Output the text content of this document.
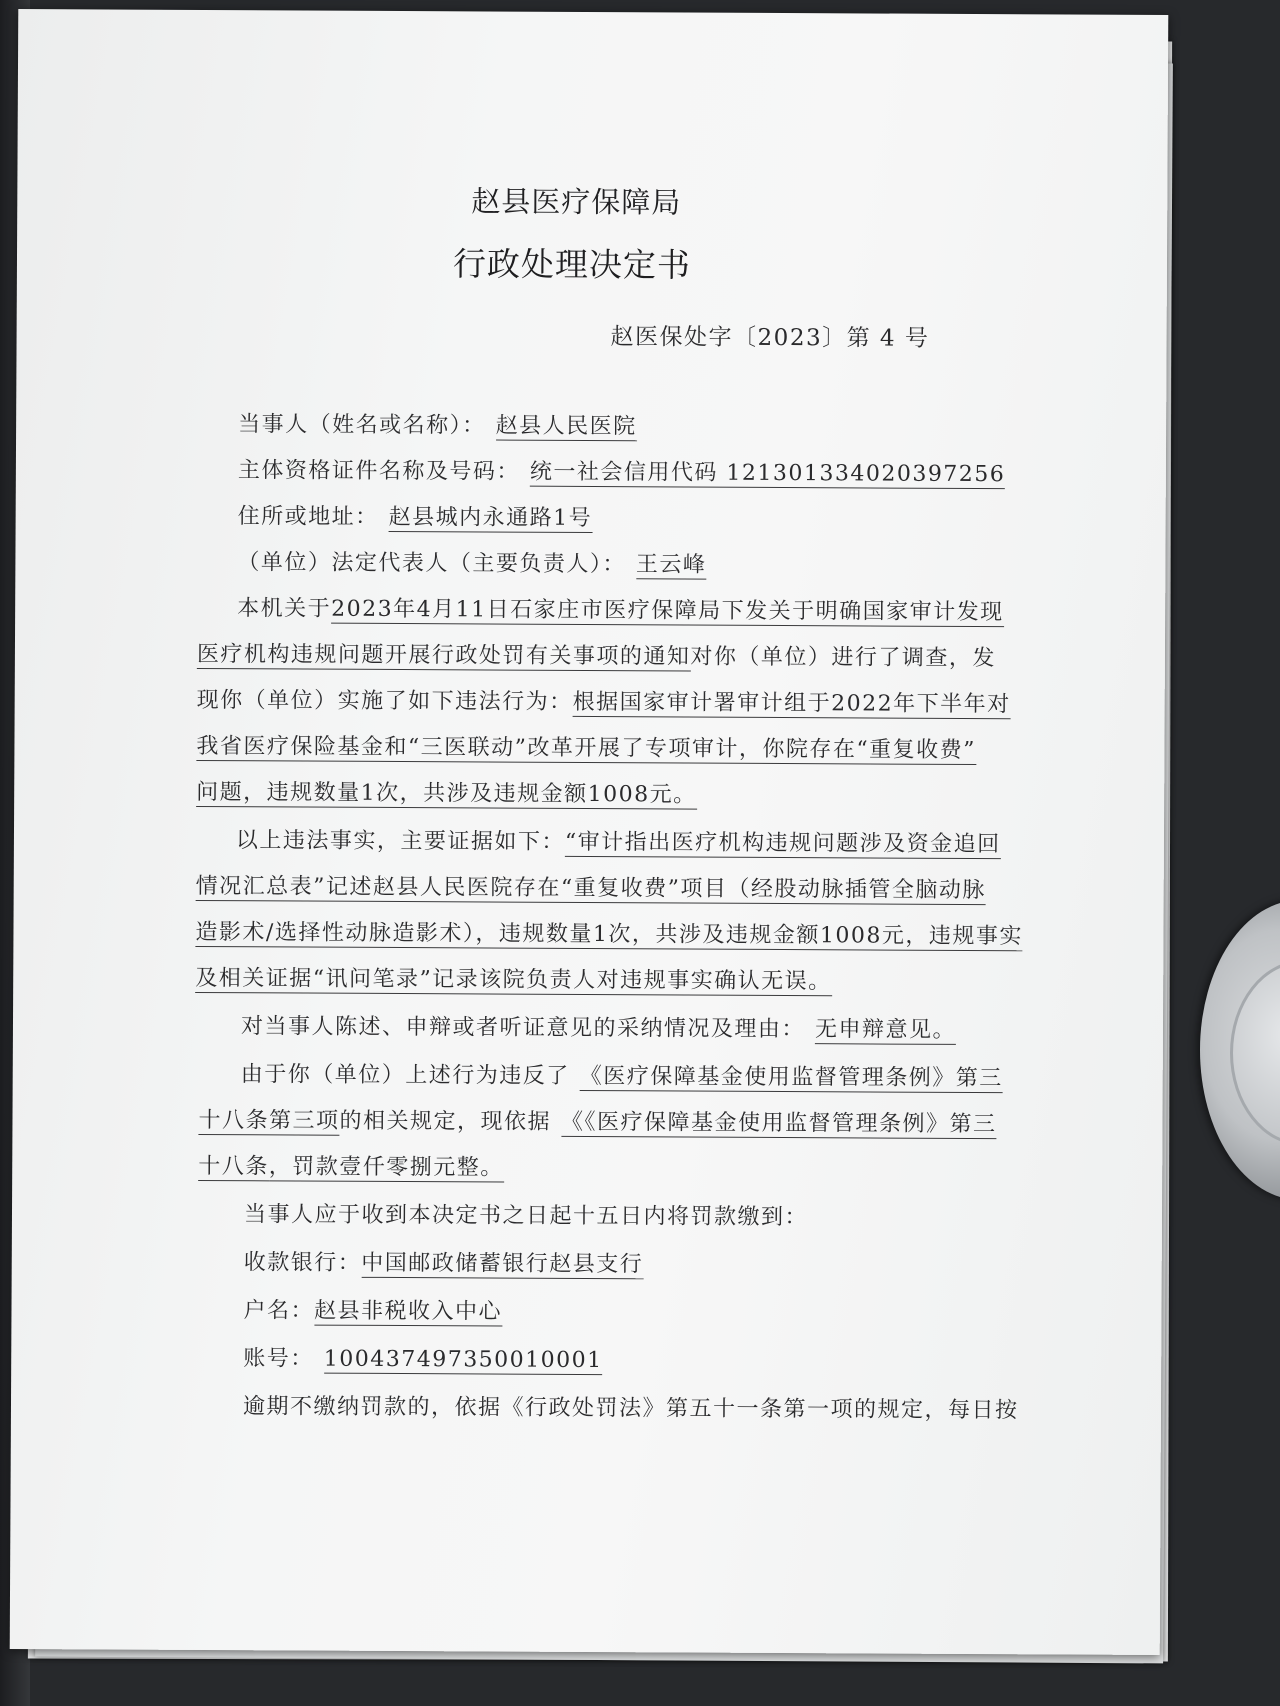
赵县医疗保障局
行政处理决定书
赵医保处字〔2023〕第 4 号
当事人（姓名或名称）： 赵县人民医院
主体资格证件名称及号码： 统一社会信用代码 121301334020397256
住所或地址： 赵县城内永通路1号
（单位）法定代表人（主要负责人）： 王云峰
本机关于2023年4月11日石家庄市医疗保障局下发关于明确国家审计发现
医疗机构违规问题开展行政处罚有关事项的通知对你（单位）进行了调查，发
现你（单位）实施了如下违法行为：根据国家审计署审计组于2022年下半年对
我省医疗保险基金和“三医联动”改革开展了专项审计，你院存在“重复收费”
问题，违规数量1次，共涉及违规金额1008元。
以上违法事实，主要证据如下：“审计指出医疗机构违规问题涉及资金追回
情况汇总表”记述赵县人民医院存在“重复收费”项目（经股动脉插管全脑动脉
造影术/选择性动脉造影术），违规数量1次，共涉及违规金额1008元，违规事实
及相关证据“讯问笔录”记录该院负责人对违规事实确认无误。
对当事人陈述、申辩或者听证意见的采纳情况及理由： 无申辩意见。
由于你（单位）上述行为违反了 《医疗保障基金使用监督管理条例》第三
十八条第三项的相关规定，现依据 《《医疗保障基金使用监督管理条例》第三
十八条，罚款壹仟零捌元整。
当事人应于收到本决定书之日起十五日内将罚款缴到：
收款银行：中国邮政储蓄银行赵县支行
户名：赵县非税收入中心
账号： 100437497350010001
逾期不缴纳罚款的，依据《行政处罚法》第五十一条第一项的规定，每日按
